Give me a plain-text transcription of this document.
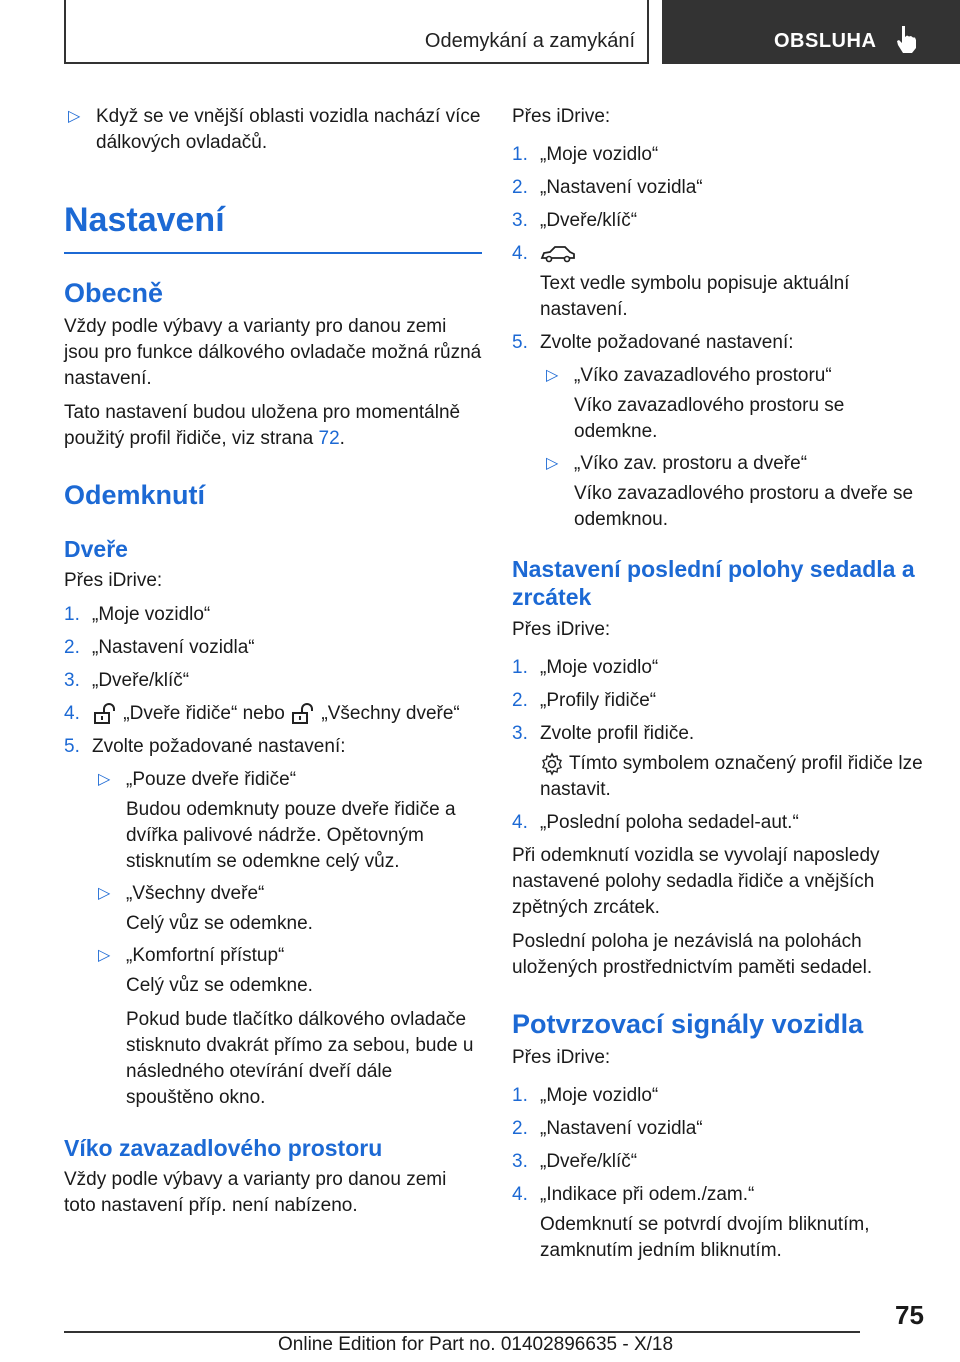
Odemykání a zamykání	OBSLUHA
▷ Když se ve vnější oblasti vozidla nachází více dálkových ovladačů.
Nastavení
Obecně

Vždy podle výbavy a varianty pro danou zemi jsou pro funkce dálkového ovladače možná různá nastavení.

Tato nastavení budou uložena pro momentálně použitý profil řidiče, viz strana 72.

Odemknutí
Dveře

Přes iDrive:

1. „Moje vozidlo“
2. „Nastavení vozidla“
3. „Dveře/klíč“
4. „Dveře řidiče“ nebo „Všechny dveře“
5. Zvolte požadované nastavení:
▷ „Pouze dveře řidiče“
Budou odemknuty pouze dveře řidiče a dvířka palivové nádrže. Opětovným stisknutím se odemkne celý vůz.
▷ „Všechny dveře“
Celý vůz se odemkne.
▷ „Komfortní přístup“
Celý vůz se odemkne.
Pokud bude tlačítko dálkového ovladače stisknuto dvakrát přímo za sebou, bude u následného otevírání dveří dále spouštěno okno.
Víko zavazadlového prostoru

Vždy podle výbavy a varianty pro danou zemi toto nastavení příp. není nabízeno.

Přes iDrive:

1. „Moje vozidlo“
2. „Nastavení vozidla“
3. „Dveře/klíč“
4.
Text vedle symbolu popisuje aktuální nastavení.
5. Zvolte požadované nastavení:
▷ „Víko zavazadlového prostoru“
Víko zavazadlového prostoru se odemkne.
▷ „Víko zav. prostoru a dveře“
Víko zavazadlového prostoru a dveře se odemknou.
Nastavení poslední polohy sedadla a zrcátek

Přes iDrive:

1. „Moje vozidlo“
2. „Profily řidiče“
3. Zvolte profil řidiče.
Tímto symbolem označený profil řidiče lze nastavit.
4. „Poslední poloha sedadel-aut.“

Při odemknutí vozidla se vyvolají naposledy nastavené polohy sedadla řidiče a vnějších zpětných zrcátek.

Poslední poloha je nezávislá na polohách uložených prostřednictvím paměti sedadel.

Potvrzovací signály vozidla

Přes iDrive:

1. „Moje vozidlo“
2. „Nastavení vozidla“
3. „Dveře/klíč“
4. „Indikace při odem./zam.“
Odemknutí se potvrdí dvojím bliknutím, zamknutím jedním bliknutím.
75
Online Edition for Part no. 01402896635 - X/18
